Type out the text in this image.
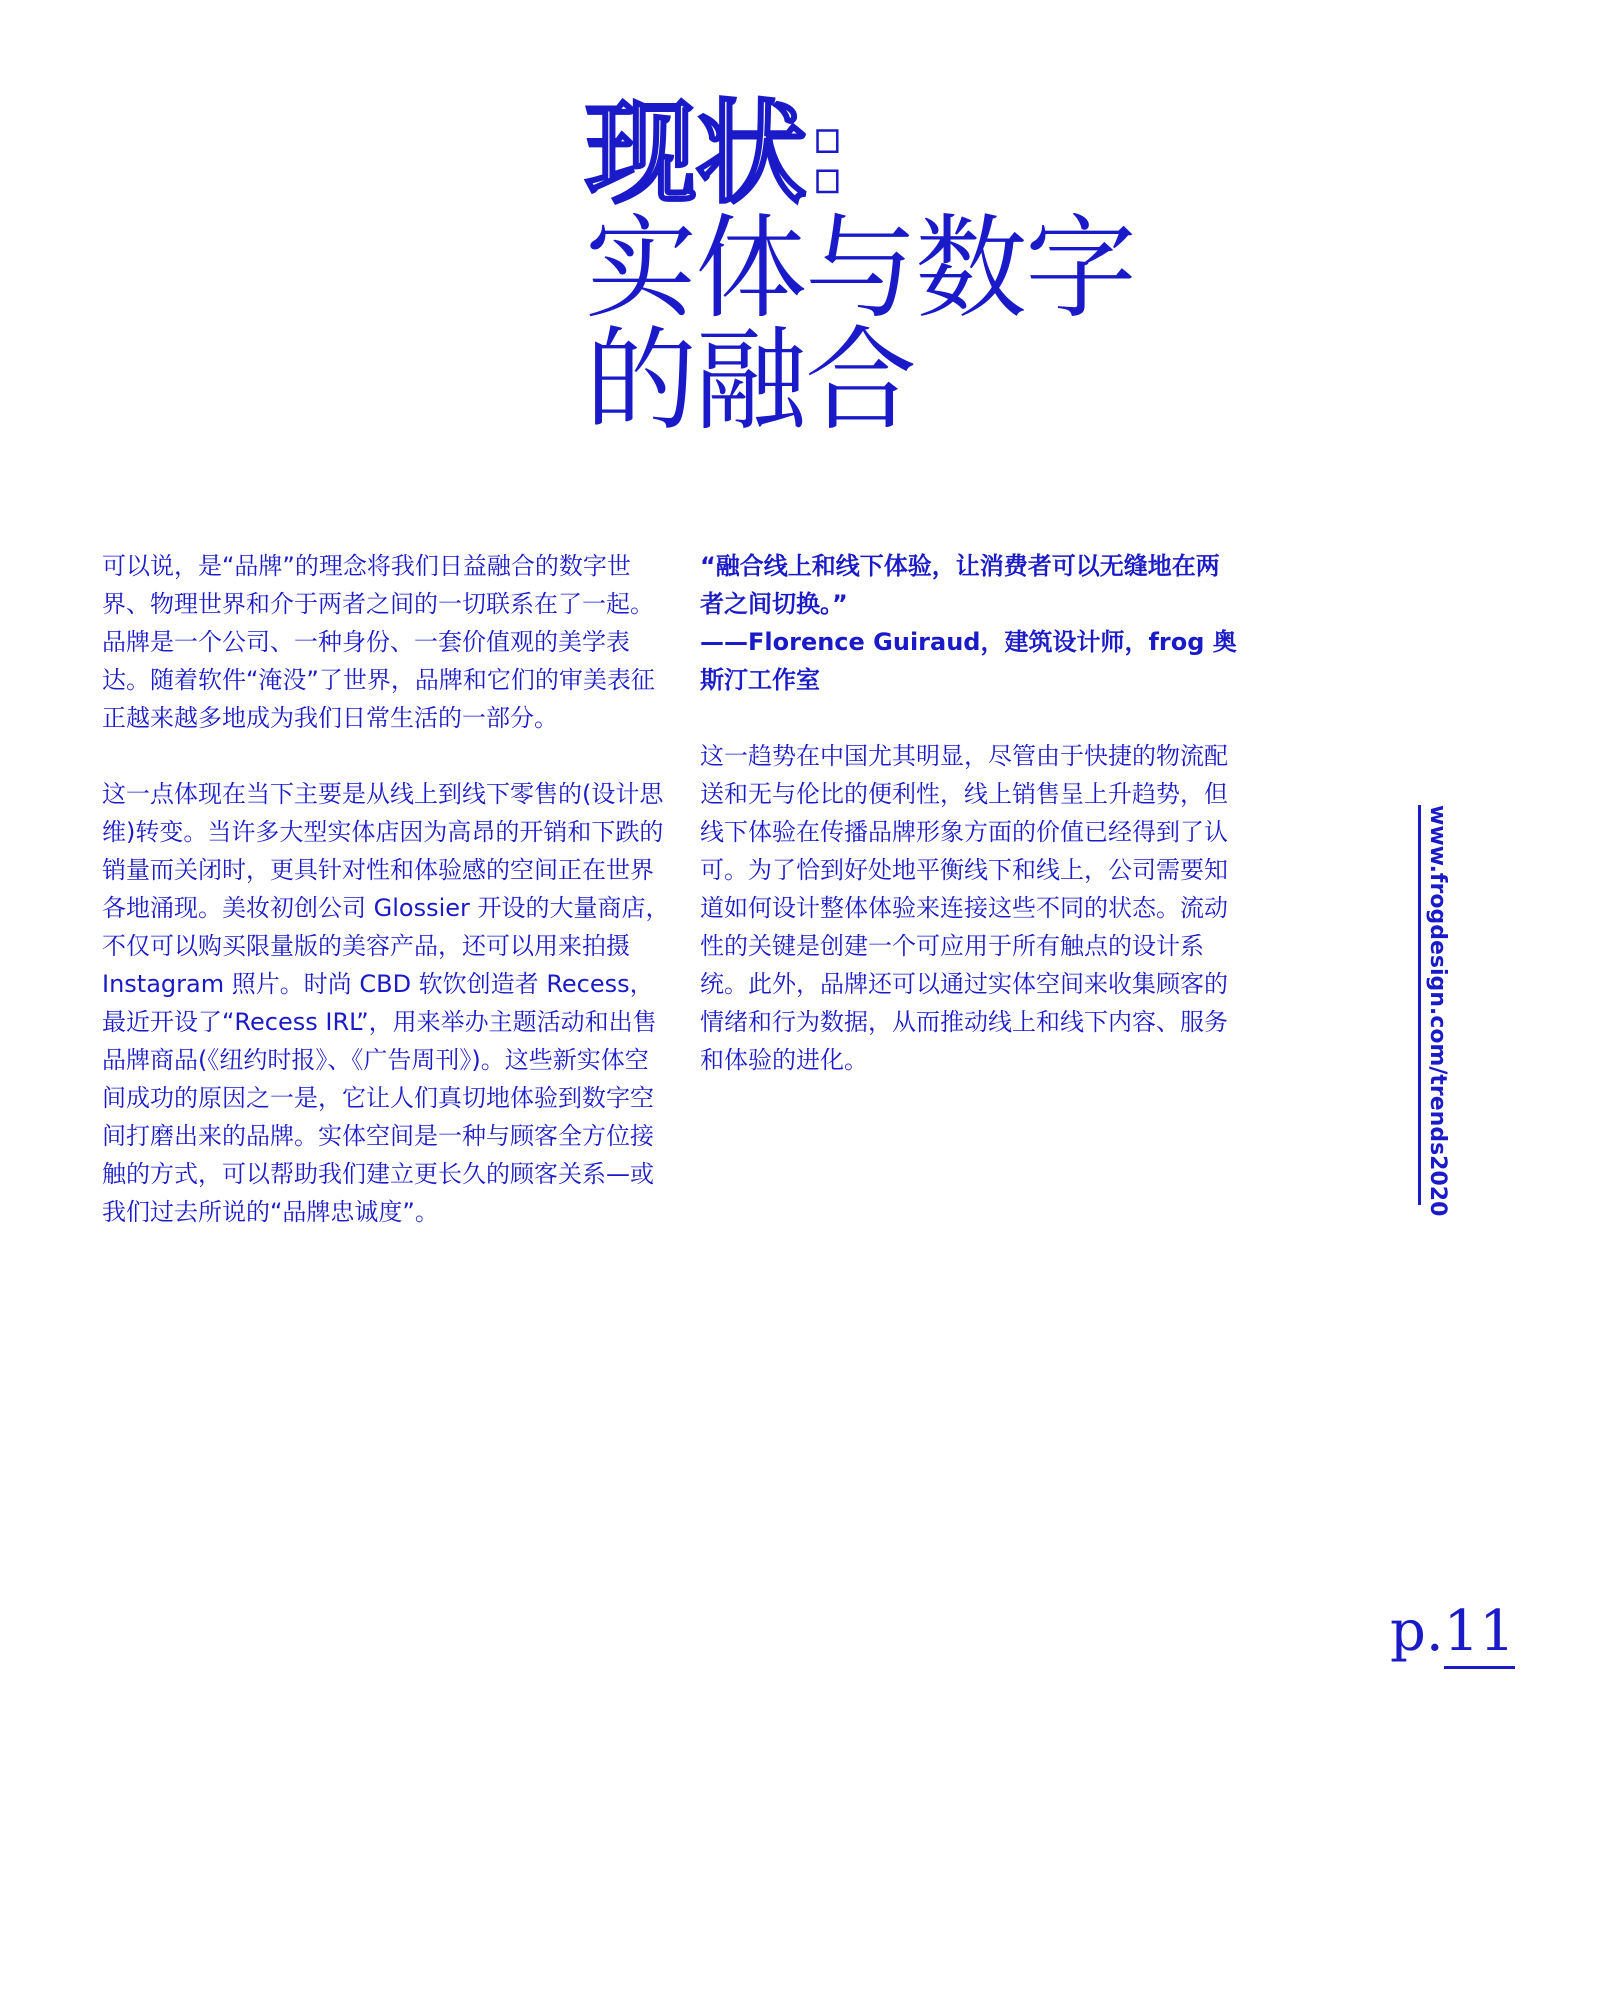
现状:
实体与数字
的融合

可以说，是“品牌”的理念将我们日益融合的数字世界、物理世界和介于两者之间的一切联系在了一起。品牌是一个公司、一种身份、一套价值观的美学表达。随着软件“淹没”了世界，品牌和它们的审美表征正越来越多地成为我们日常生活的一部分。

这一点体现在当下主要是从线上到线下零售的(设计思维)转变。当许多大型实体店因为高昂的开销和下跌的销量而关闭时，更具针对性和体验感的空间正在世界各地涌现。美妆初创公司 Glossier 开设的大量商店，不仅可以购买限量版的美容产品，还可以用来拍摄 Instagram 照片。时尚 CBD 软饮创造者 Recess，最近开设了“Recess IRL”，用来举办主题活动和出售品牌商品(《纽约时报》、《广告周刊》)。这些新实体空间成功的原因之一是，它让人们真切地体验到数字空间打磨出来的品牌。实体空间是一种与顾客全方位接触的方式，可以帮助我们建立更长久的顾客关系—或我们过去所说的“品牌忠诚度”。

“融合线上和线下体验，让消费者可以无缝地在两者之间切换。”
——Florence Guiraud，建筑设计师，frog 奥斯汀工作室

这一趋势在中国尤其明显，尽管由于快捷的物流配送和无与伦比的便利性，线上销售呈上升趋势，但线下体验在传播品牌形象方面的价值已经得到了认可。为了恰到好处地平衡线下和线上，公司需要知道如何设计整体体验来连接这些不同的状态。流动性的关键是创建一个可应用于所有触点的设计系统。此外，品牌还可以通过实体空间来收集顾客的情绪和行为数据，从而推动线上和线下内容、服务和体验的进化。	www.frogdesign.com/trends2020
p.11
